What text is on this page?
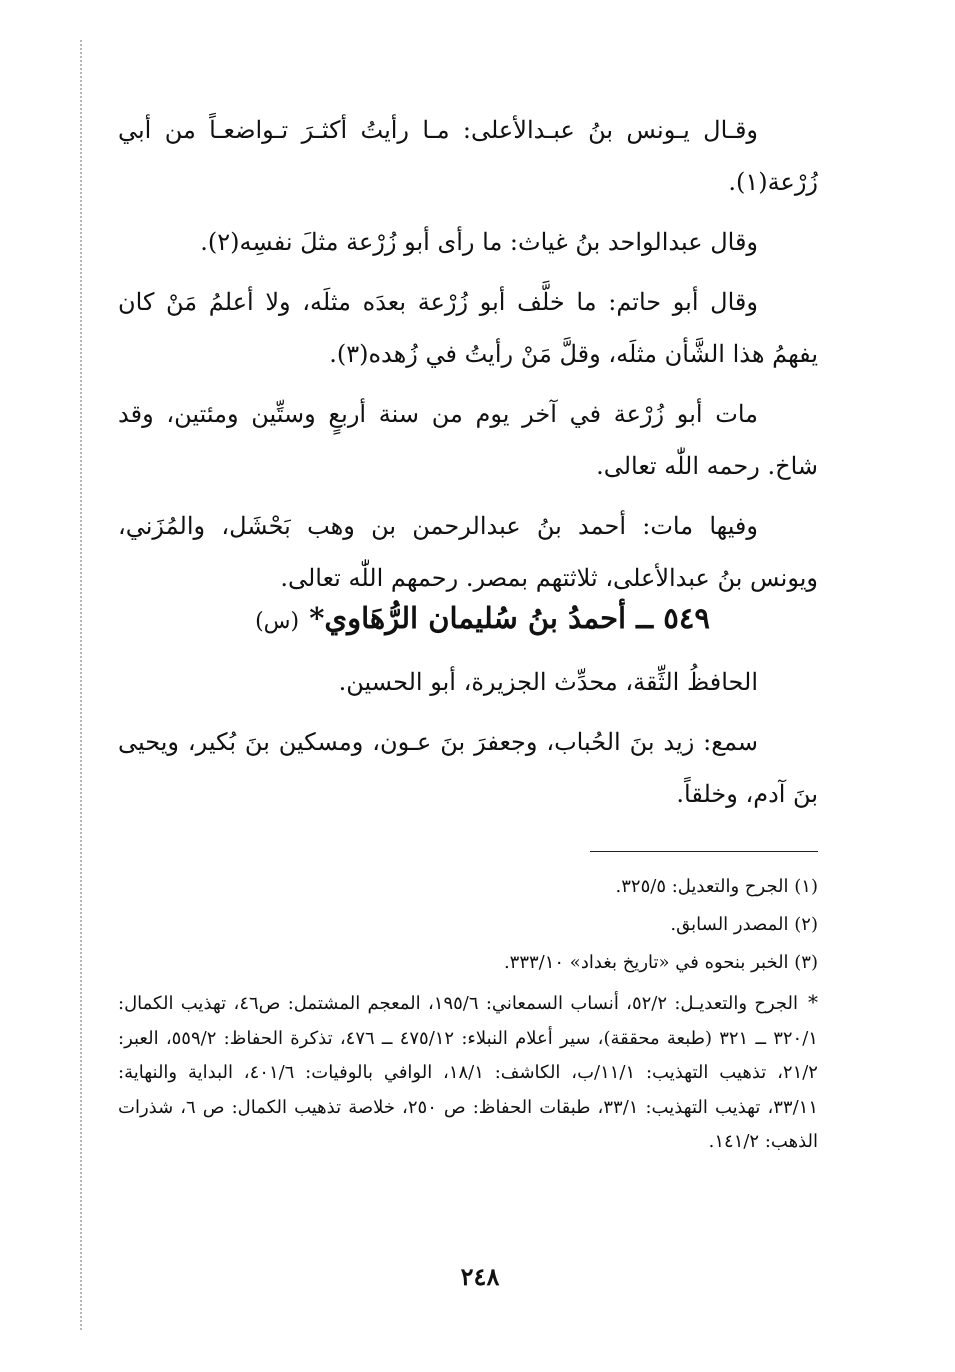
وقـال يـونس بنُ عبـدالأعلى: مـا رأيتُ أكثـرَ تـواضعـاً من أبي زُرْعة(١).

وقال عبدالواحد بنُ غياث: ما رأى أبو زُرْعة مثلَ نفسِه(٢).

وقال أبو حاتم: ما خلَّف أبو زُرْعة بعدَه مثلَه، ولا أعلمُ مَنْ كان يفهمُ هذا الشَّأن مثلَه، وقلَّ مَنْ رأيتُ في زُهده(٣).

مات أبو زُرْعة في آخر يوم من سنة أربعٍ وستِّين ومئتين، وقد شاخ. رحمه اللّٰه تعالى.

وفيها مات: أحمد بنُ عبدالرحمن بن وهب بَحْشَل، والمُزَني، ويونس بنُ عبدالأعلى، ثلاثتهم بمصر. رحمهم اللّٰه تعالى.

٥٤٩ ــ أحمدُ بنُ سُليمان الرُّهَاوي* (س)

الحافظُ الثِّقة، محدِّث الجزيرة، أبو الحسين.

سمع: زيد بنَ الحُباب، وجعفرَ بنَ عـون، ومسكين بنَ بُكير، ويحيى بنَ آدم، وخلقاً.

(١) الجرح والتعديل: ٣٢٥/٥.

(٢) المصدر السابق.

(٣) الخبر بنحوه في «تاريخ بغداد» ٣٣٣/١٠.

*الجرح والتعديـل: ٥٢/٢، أنساب السمعاني: ١٩٥/٦، المعجم المشتمل: ص٤٦، تهذيب الكمال: ٣٢٠/١ ــ ٣٢١ (طبعة محققة)، سير أعلام النبلاء: ٤٧٥/١٢ ــ ٤٧٦، تذكرة الحفاظ: ٥٥٩/٢، العبر: ٢١/٢، تذهيب التهذيب: ١١/١/ب، الكاشف: ١٨/١، الوافي بالوفيات: ٤٠١/٦، البداية والنهاية: ٣٣/١١، تهذيب التهذيب: ٣٣/١، طبقات الحفاظ: ص ٢٥٠، خلاصة تذهيب الكمال: ص ٦، شذرات الذهب: ١٤١/٢.
٢٤٨
